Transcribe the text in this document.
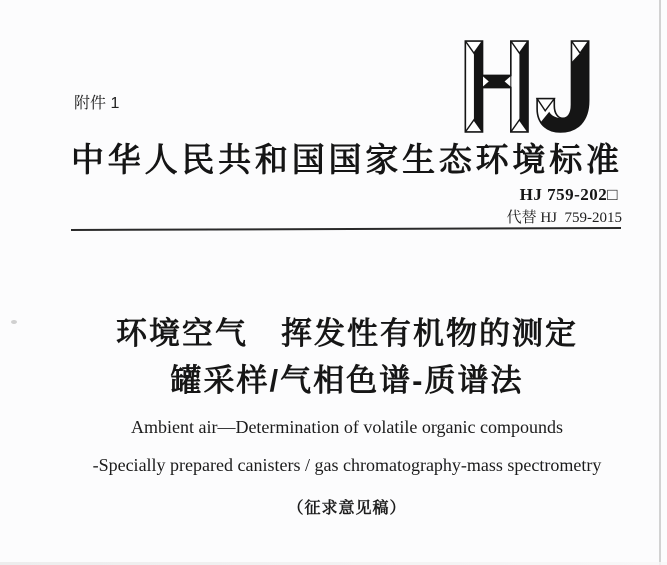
附件 1
中华人民共和国国家生态环境标准
HJ 759-202□
代替 HJ  759-2015
环境空气　挥发性有机物的测定
罐采样/气相色谱-质谱法
Ambient air—Determination of volatile organic compounds
-Specially prepared canisters / gas chromatography-mass spectrometry
（征求意见稿）
